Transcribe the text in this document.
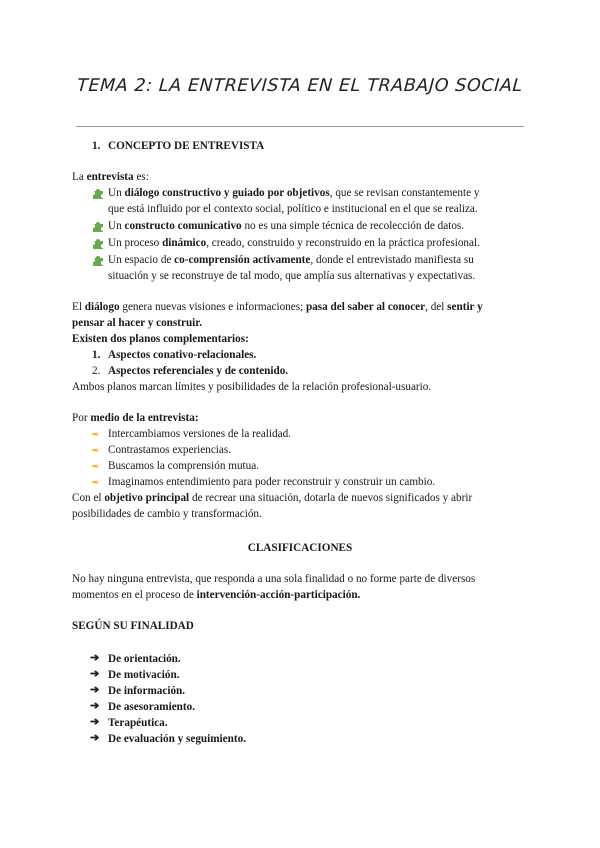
TEMA 2: LA ENTREVISTA EN EL TRABAJO SOCIAL
1. CONCEPTO DE ENTREVISTA
La entrevista es:
Un diálogo constructivo y guiado por objetivos, que se revisan constantemente y
que está influido por el contexto social, político e institucional en el que se realiza.
Un constructo comunicativo no es una simple técnica de recolección de datos.
Un proceso dinámico, creado, construido y reconstruido en la práctica profesional.
Un espacio de co-comprensión activamente, donde el entrevistado manifiesta su
situación y se reconstruye de tal modo, que amplía sus alternativas y expectativas.
El diálogo genera nuevas visiones e informaciones; pasa del saber al conocer, del sentir y
pensar al hacer y construir.
Existen dos planos complementarios:
1. Aspectos conativo-relacionales.
2. Aspectos referenciales y de contenido.
Ambos planos marcan límites y posibilidades de la relación profesional-usuario.
Por medio de la entrevista:
➨ Intercambiamos versiones de la realidad.
➨ Contrastamos experiencias.
➨ Buscamos la comprensión mutua.
➨ Imaginamos entendimiento para poder reconstruir y construir un cambio.
Con el objetivo principal de recrear una situación, dotarla de nuevos significados y abrir
posibilidades de cambio y transformación.
CLASIFICACIONES
No hay ninguna entrevista, que responda a una sola finalidad o no forme parte de diversos
momentos en el proceso de intervención-acción-participación.
SEGÚN SU FINALIDAD
➔ De orientación.
➔ De motivación.
➔ De información.
➔ De asesoramiento.
➔ Terapéutica.
➔ De evaluación y seguimiento.
